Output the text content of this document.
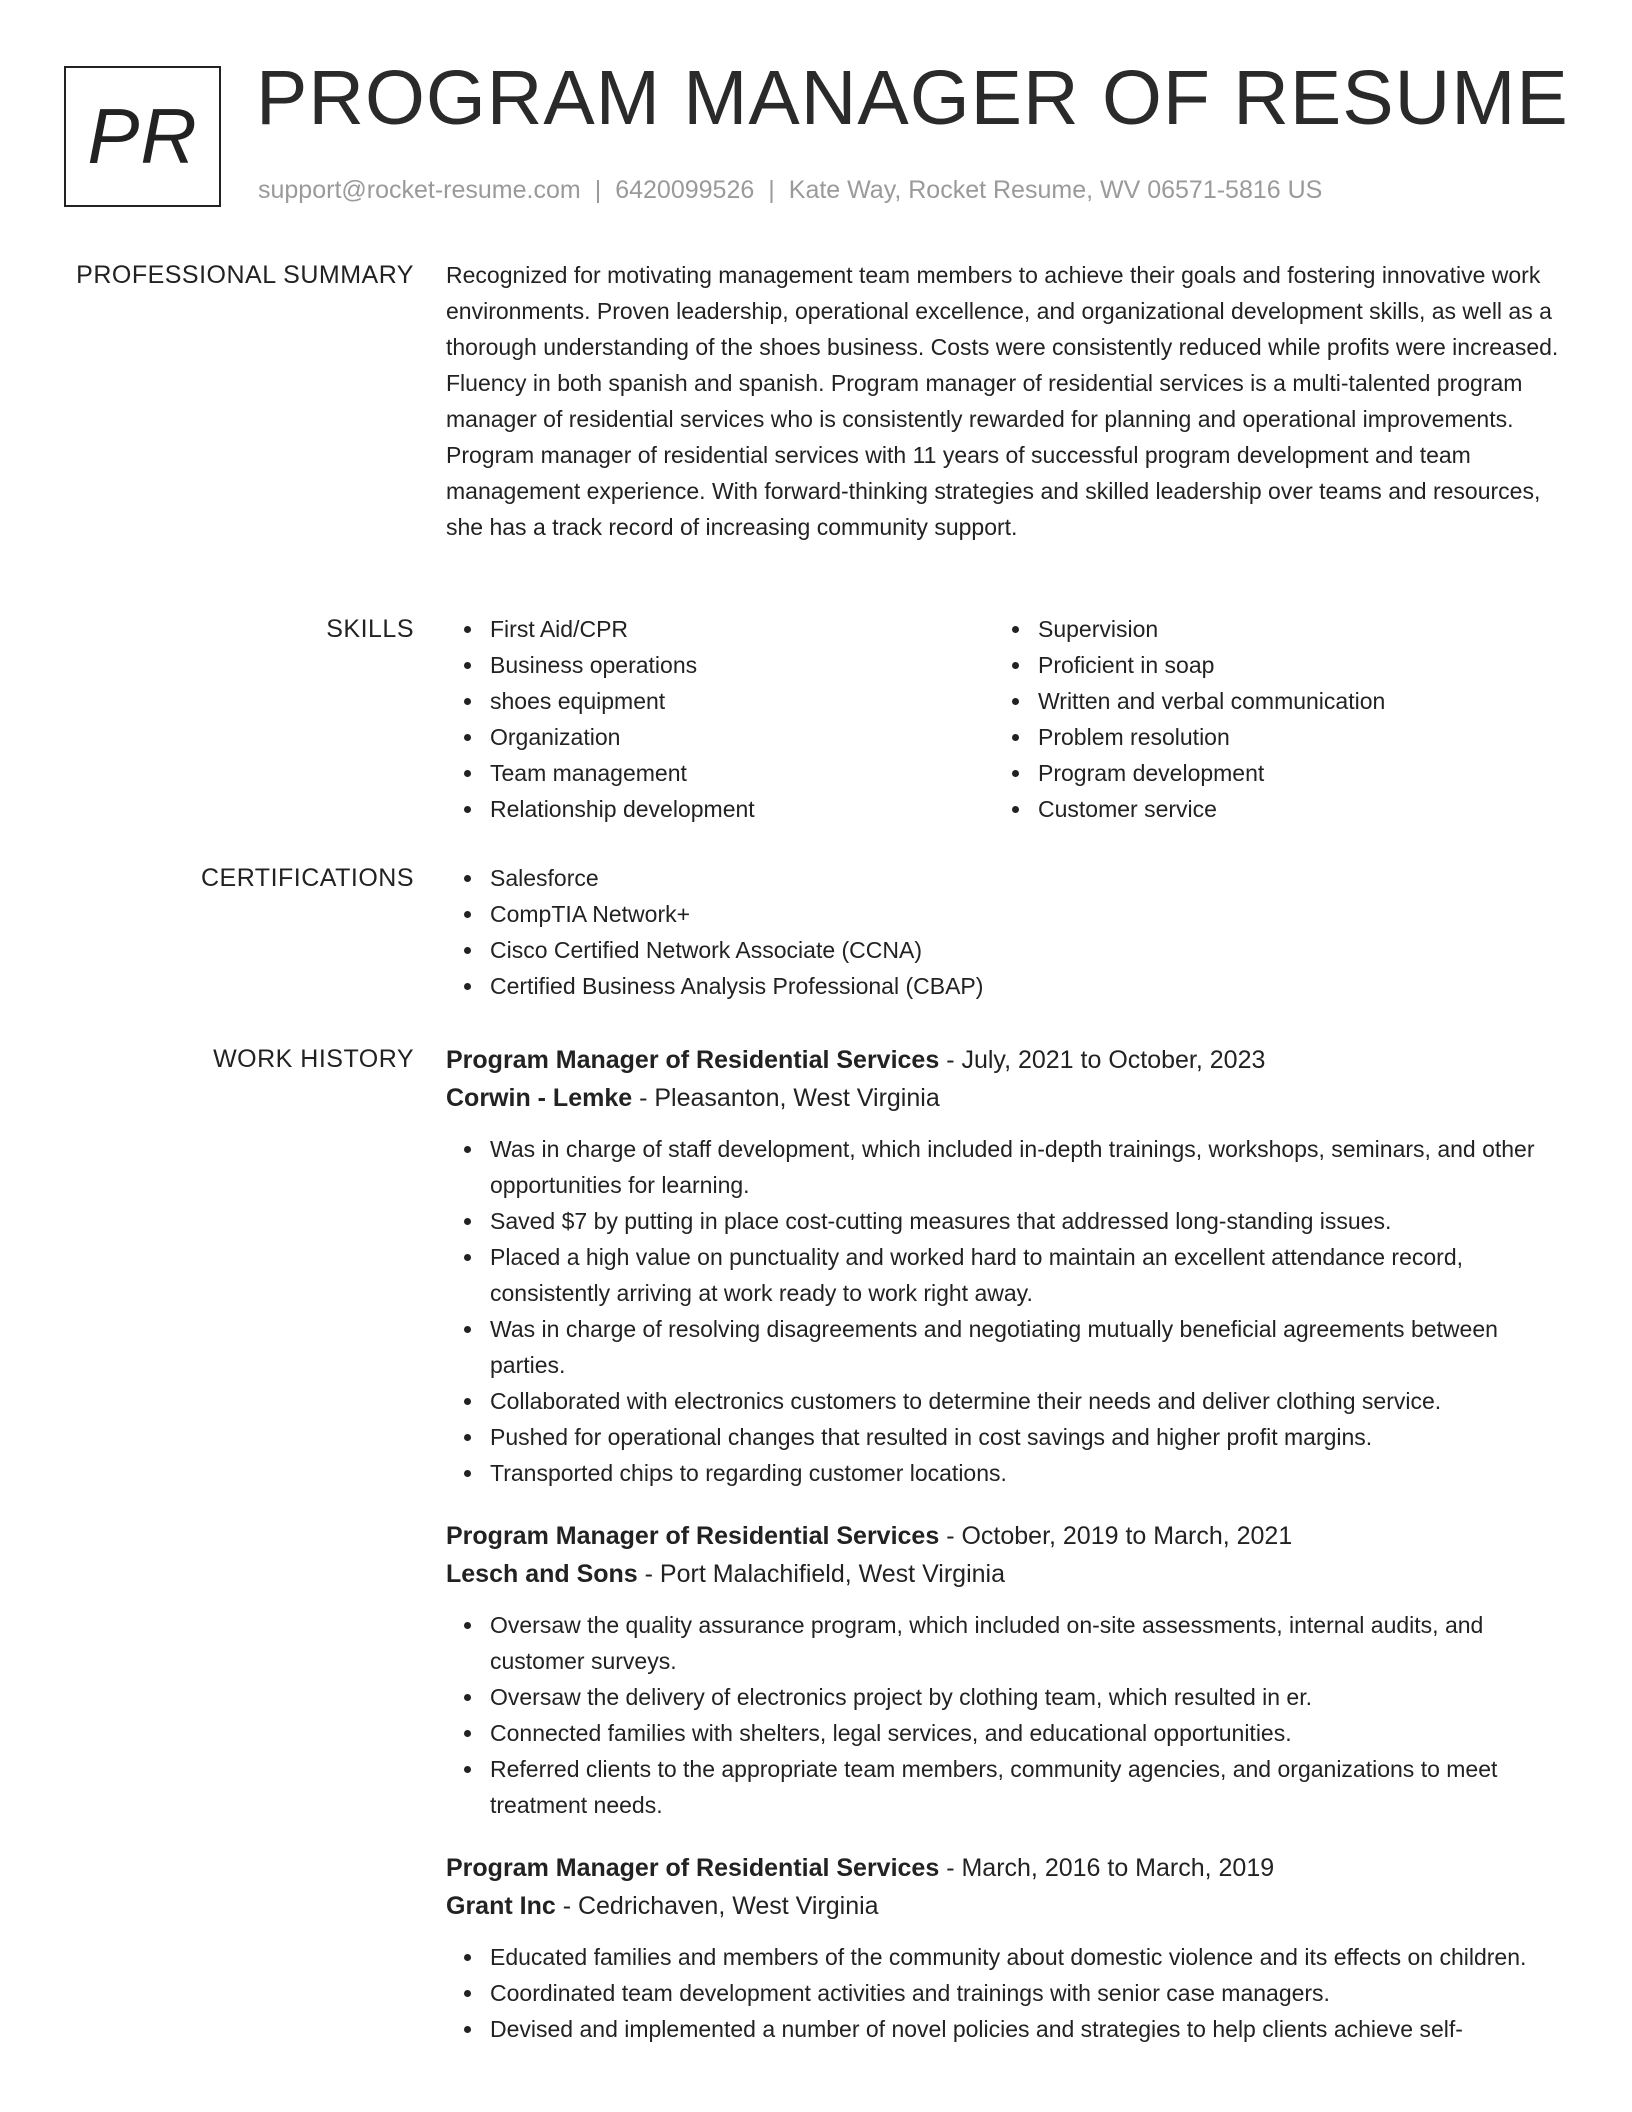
PR PROGRAM MANAGER OF RESUME
support@rocket-resume.com | 6420099526 | Kate Way, Rocket Resume, WV 06571-5816 US
PROFESSIONAL SUMMARY Recognized for motivating management team members to achieve their goals and fostering innovative work environments. Proven leadership, operational excellence, and organizational development skills, as well as a thorough understanding of the shoes business. Costs were consistently reduced while profits were increased. Fluency in both spanish and spanish. Program manager of residential services is a multi-talented program manager of residential services who is consistently rewarded for planning and operational improvements. Program manager of residential services with 11 years of successful program development and team management experience. With forward-thinking strategies and skilled leadership over teams and resources, she has a track record of increasing community support.

SKILLS	First Aid/CPR
Business operations
shoes equipment
Organization
Team management
Relationship development
Supervision
Proficient in soap
Written and verbal communication
Problem resolution
Program development
Customer service
CERTIFICATIONS	Salesforce
CompTIA Network+
Cisco Certified Network Associate (CCNA)
Certified Business Analysis Professional (CBAP)
WORK HISTORY Program Manager of Residential Services - July, 2021 to October, 2023
Corwin - Lemke - Pleasanton, West Virginia
Was in charge of staff development, which included in-depth trainings, workshops, seminars, and other opportunities for learning.
Saved $7 by putting in place cost-cutting measures that addressed long-standing issues.
Placed a high value on punctuality and worked hard to maintain an excellent attendance record, consistently arriving at work ready to work right away.
Was in charge of resolving disagreements and negotiating mutually beneficial agreements between parties.
Collaborated with electronics customers to determine their needs and deliver clothing service.
Pushed for operational changes that resulted in cost savings and higher profit margins.
Transported chips to regarding customer locations.
Program Manager of Residential Services - October, 2019 to March, 2021
Lesch and Sons - Port Malachifield, West Virginia
Oversaw the quality assurance program, which included on-site assessments, internal audits, and customer surveys.
Oversaw the delivery of electronics project by clothing team, which resulted in er.
Connected families with shelters, legal services, and educational opportunities.
Referred clients to the appropriate team members, community agencies, and organizations to meet treatment needs.
Program Manager of Residential Services - March, 2016 to March, 2019
Grant Inc - Cedrichaven, West Virginia
Educated families and members of the community about domestic violence and its effects on children.
Coordinated team development activities and trainings with senior case managers.
Devised and implemented a number of novel policies and strategies to help clients achieve self-
